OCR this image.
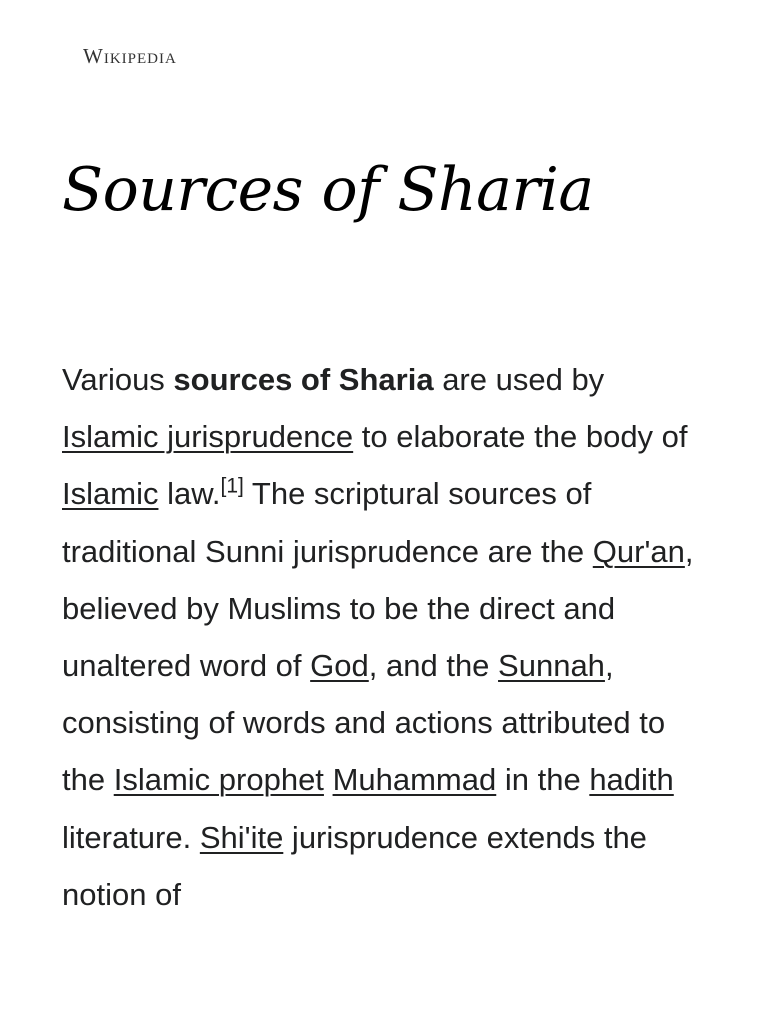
Wikipedia
Sources of Sharia

Various sources of Sharia are used by Islamic jurisprudence to elaborate the body of Islamic law.[1] The scriptural sources of traditional Sunni jurisprudence are the Qur'an, believed by Muslims to be the direct and unaltered word of God, and the Sunnah, consisting of words and actions attributed to the Islamic prophet Muhammad in the hadith literature. Shi'ite jurisprudence extends the notion of
